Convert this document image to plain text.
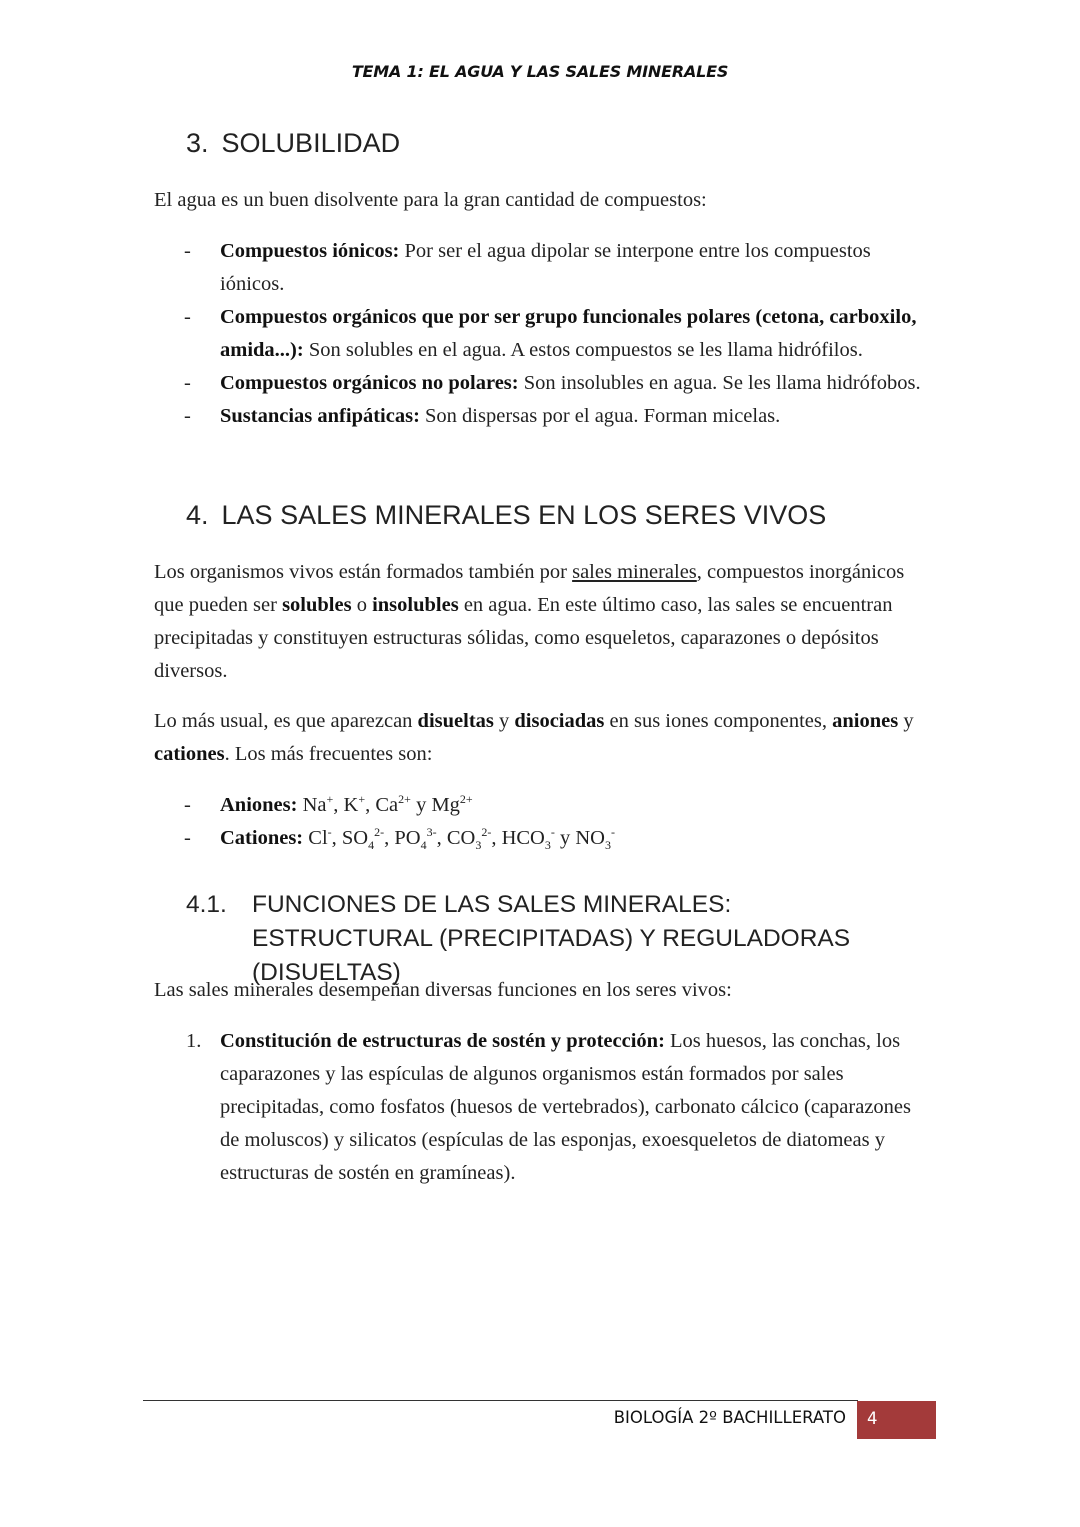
TEMA 1: EL AGUA Y LAS SALES MINERALES
3. SOLUBILIDAD
El agua es un buen disolvente para la gran cantidad de compuestos:
- Compuestos iónicos: Por ser el agua dipolar se interpone entre los compuestos iónicos.
- Compuestos orgánicos que por ser grupo funcionales polares (cetona, carboxilo, amida...): Son solubles en el agua. A estos compuestos se les llama hidrófilos.
- Compuestos orgánicos no polares: Son insolubles en agua. Se les llama hidrófobos.
- Sustancias anfipáticas: Son dispersas por el agua. Forman micelas.
4. LAS SALES MINERALES EN LOS SERES VIVOS
Los organismos vivos están formados también por sales minerales, compuestos inorgánicos que pueden ser solubles o insolubles en agua. En este último caso, las sales se encuentran precipitadas y constituyen estructuras sólidas, como esqueletos, caparazones o depósitos diversos.
Lo más usual, es que aparezcan disueltas y disociadas en sus iones componentes, aniones y cationes. Los más frecuentes son:
- Aniones: Na+, K+, $Ca^{2+}$ y $Mg^{2+}$
- Cationes: Cl-, $SO_4^{2-}$, $PO_4^{3-}$, $CO_3^{2-}$, $HCO_3^-$ y $NO_3^-$
4.1. FUNCIONES DE LAS SALES MINERALES: ESTRUCTURAL (PRECIPITADAS) Y REGULADORAS (DISUELTAS)
Las sales minerales desempeñan diversas funciones en los seres vivos:
1. Constitución de estructuras de sostén y protección: Los huesos, las conchas, los caparazones y las espículas de algunos organismos están formados por sales precipitadas, como fosfatos (huesos de vertebrados), carbonato cálcico (caparazones de moluscos) y silicatos (espículas de las esponjas, exoesqueletos de diatomeas y estructuras de sostén en gramíneas).
BIOLOGÍA 2º BACHILLERATO 4
